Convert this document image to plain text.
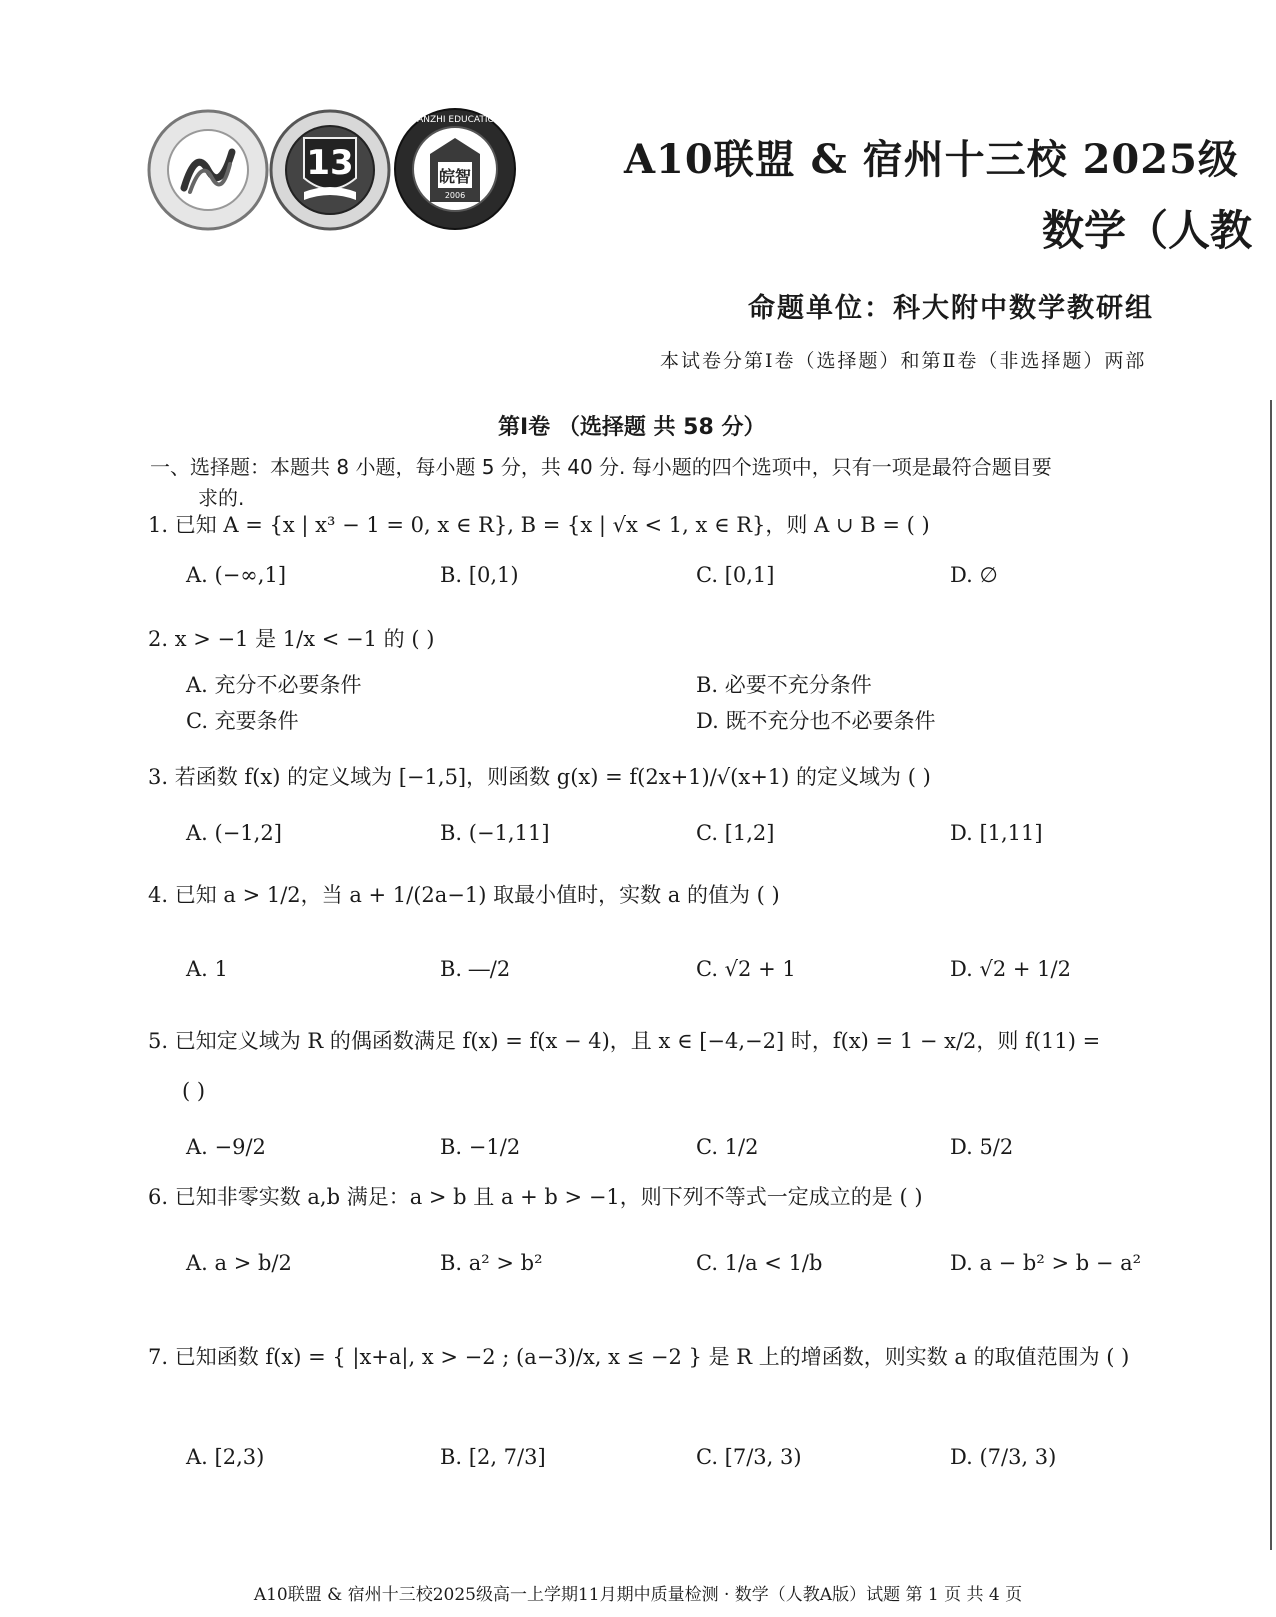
13	皖智
2006
WANZHI EDUCATION
A10联盟 & 宿州十三校 2025级
数学（人教
命题单位：科大附中数学教研组
本试卷分第Ⅰ卷（选择题）和第Ⅱ卷（非选择题）两部
第Ⅰ卷 （选择题 共 58 分）
一、选择题：本题共 8 小题，每小题 5 分，共 40 分. 每小题的四个选项中，只有一项是最符合题目要
求的.
1. 已知 A = {x | x³ − 1 = 0, x ∈ R}, B = {x | √x < 1, x ∈ R}，则 A ∪ B = ( )
A. (−∞,1]	B. [0,1)	C. [0,1]	D. ∅
2. x > −1 是 1/x < −1 的 ( )
A. 充分不必要条件	B. 必要不充分条件
C. 充要条件	D. 既不充分也不必要条件
3. 若函数 f(x) 的定义域为 [−1,5]，则函数 g(x) = f(2x+1)/√(x+1) 的定义域为 ( )
A. (−1,2]	B. (−1,11]	C. [1,2]	D. [1,11]
4. 已知 a > 1/2，当 a + 1/(2a−1) 取最小值时，实数 a 的值为 ( )
A. 1	B. ―/2	C. √2 + 1	D. √2 + 1/2
5. 已知定义域为 R 的偶函数满足 f(x) = f(x − 4)，且 x ∈ [−4,−2] 时，f(x) = 1 − x/2，则 f(11) =
( )
A. −9/2	B. −1/2	C. 1/2	D. 5/2
6. 已知非零实数 a,b 满足：a > b 且 a + b > −1，则下列不等式一定成立的是 ( )
A. a > b/2	B. a² > b²	C. 1/a < 1/b	D. a − b² > b − a²
7. 已知函数 f(x) = { |x+a|, x > −2 ; (a−3)/x, x ≤ −2 } 是 R 上的增函数，则实数 a 的取值范围为 ( )
A. [2,3)	B. [2, 7/3]	C. [7/3, 3)	D. (7/3, 3)
A10联盟 & 宿州十三校2025级高一上学期11月期中质量检测 · 数学（人教A版）试题 第 1 页 共 4 页
